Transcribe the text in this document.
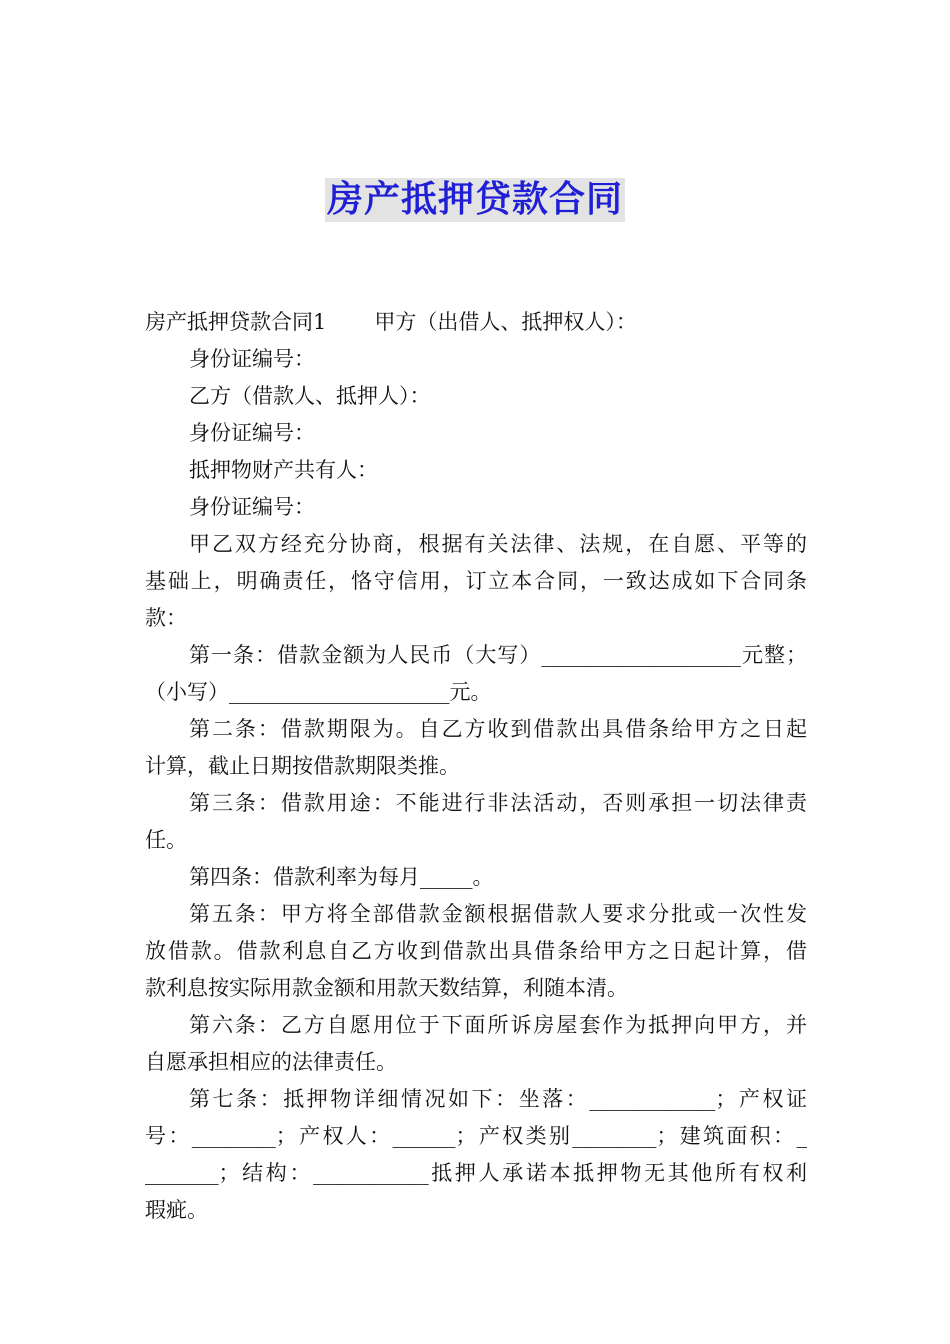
房产抵押贷款合同
房产抵押贷款合同1 甲方（出借人、抵押权人）：
身份证编号：
乙方（借款人、抵押人）：
身份证编号：
抵押物财产共有人：
身份证编号：
甲乙双方经充分协商，根据有关法律、法规，在自愿、平等的
基础上，明确责任，恪守信用，订立本合同，一致达成如下合同条
款：
第一条：借款金额为人民币（大写）___________________元整；
（小写）_____________________元。
第二条：借款期限为。自乙方收到借款出具借条给甲方之日起
计算，截止日期按借款期限类推。
第三条：借款用途：不能进行非法活动，否则承担一切法律责
任。
第四条：借款利率为每月_____。
第五条：甲方将全部借款金额根据借款人要求分批或一次性发
放借款。借款利息自乙方收到借款出具借条给甲方之日起计算，借
款利息按实际用款金额和用款天数结算，利随本清。
第六条：乙方自愿用位于下面所诉房屋套作为抵押向甲方，并
自愿承担相应的法律责任。
第七条：抵押物详细情况如下：坐落：____________；产权证
号：________；产权人：______；产权类别________；建筑面积：_
_______；结构：___________抵押人承诺本抵押物无其他所有权利
瑕疵。
